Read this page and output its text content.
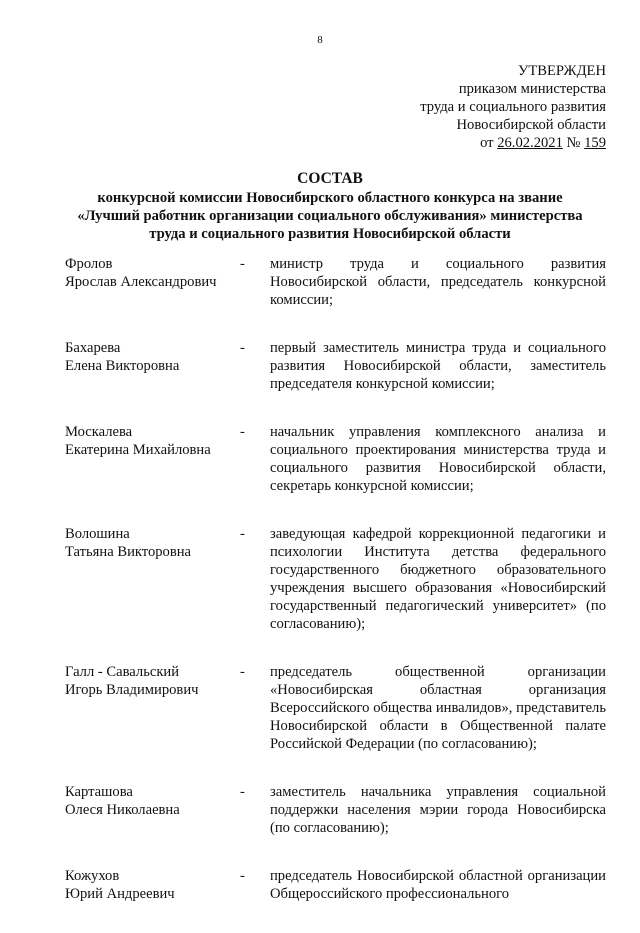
8
УТВЕРЖДЕН
приказом министерства
труда и социального развития
Новосибирской области
от 26.02.2021 № 159
СОСТАВ
конкурсной комиссии Новосибирского областного конкурса на звание
«Лучший работник организации социального обслуживания» министерства
труда и социального развития Новосибирской области
Фролов
Ярослав Александрович
-	министр труда и социального развития Новосибирской области, председатель конкурсной комиссии;
Бахарева
Елена Викторовна
-	первый заместитель министра труда и социального развития Новосибирской области, заместитель председателя конкурсной комиссии;
Москалева
Екатерина Михайловна
-	начальник управления комплексного анализа и социального проектирования министерства труда и социального развития Новосибирской области, секретарь конкурсной комиссии;
Волошина
Татьяна Викторовна
-	заведующая кафедрой коррекционной педагогики и психологии Института детства федерального государственного бюджетного образовательного учреждения высшего образования «Новосибирский государственный педагогический университет» (по согласованию);
Галл - Савальский
Игорь Владимирович
-	председатель общественной организации «Новосибирская областная организация Всероссийского общества инвалидов», представитель Новосибирской области в Общественной палате Российской Федерации (по согласованию);
Карташова
Олеся Николаевна
-	заместитель начальника управления социальной поддержки населения мэрии города Новосибирска (по согласованию);
Кожухов
Юрий Андреевич
-	председатель Новосибирской областной организации Общероссийского профессионального
